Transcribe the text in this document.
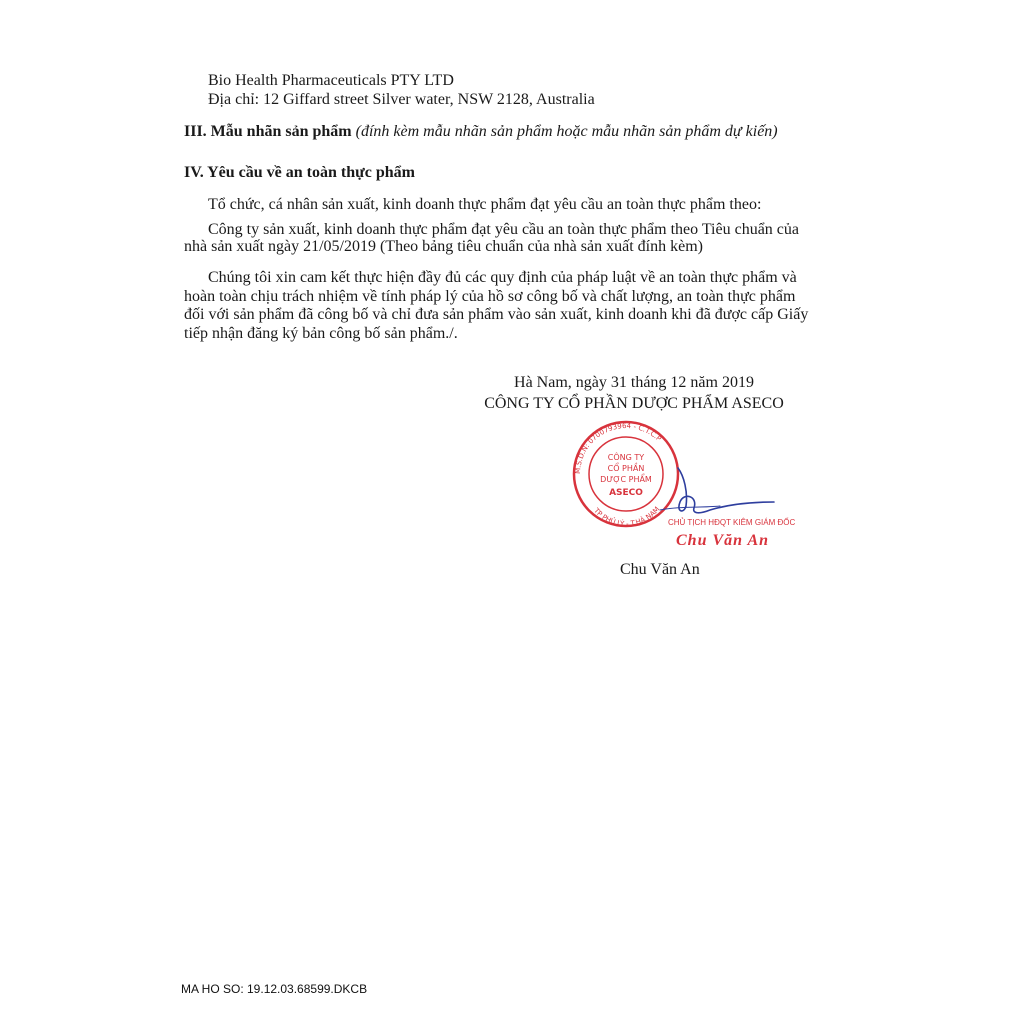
Bio Health Pharmaceuticals PTY LTD
Địa chỉ: 12 Giffard street Silver water, NSW 2128, Australia
III. Mẫu nhãn sản phẩm (đính kèm mẫu nhãn sản phẩm hoặc mẫu nhãn sản phẩm dự kiến)
IV. Yêu cầu về an toàn thực phẩm
Tổ chức, cá nhân sản xuất, kinh doanh thực phẩm đạt yêu cầu an toàn thực phẩm theo:
Công ty sản xuất, kinh doanh thực phẩm đạt yêu cầu an toàn thực phẩm theo Tiêu chuẩn của
nhà sản xuất ngày 21/05/2019 (Theo bảng tiêu chuẩn của nhà sản xuất đính kèm)
Chúng tôi xin cam kết thực hiện đầy đủ các quy định của pháp luật về an toàn thực phẩm và
hoàn toàn chịu trách nhiệm về tính pháp lý của hồ sơ công bố và chất lượng, an toàn thực phẩm
đối với sản phẩm đã công bố và chỉ đưa sản phẩm vào sản xuất, kinh doanh khi đã được cấp Giấy
tiếp nhận đăng ký bản công bố sản phẩm./.
Hà Nam, ngày 31 tháng 12 năm 2019
CÔNG TY CỔ PHẦN DƯỢC PHẨM ASECO
M.S.D.N: 0700793964 - C.T.C.P
TP PHỦ LÝ - T.HÀ NAM
CÔNG TY
CỔ PHẦN
DƯỢC PHẨM
ASECO
CHỦ TỊCH HĐQT KIÊM GIÁM ĐỐC
Chu Văn An
Chu Văn An
MA HO SO: 19.12.03.68599.DKCB
